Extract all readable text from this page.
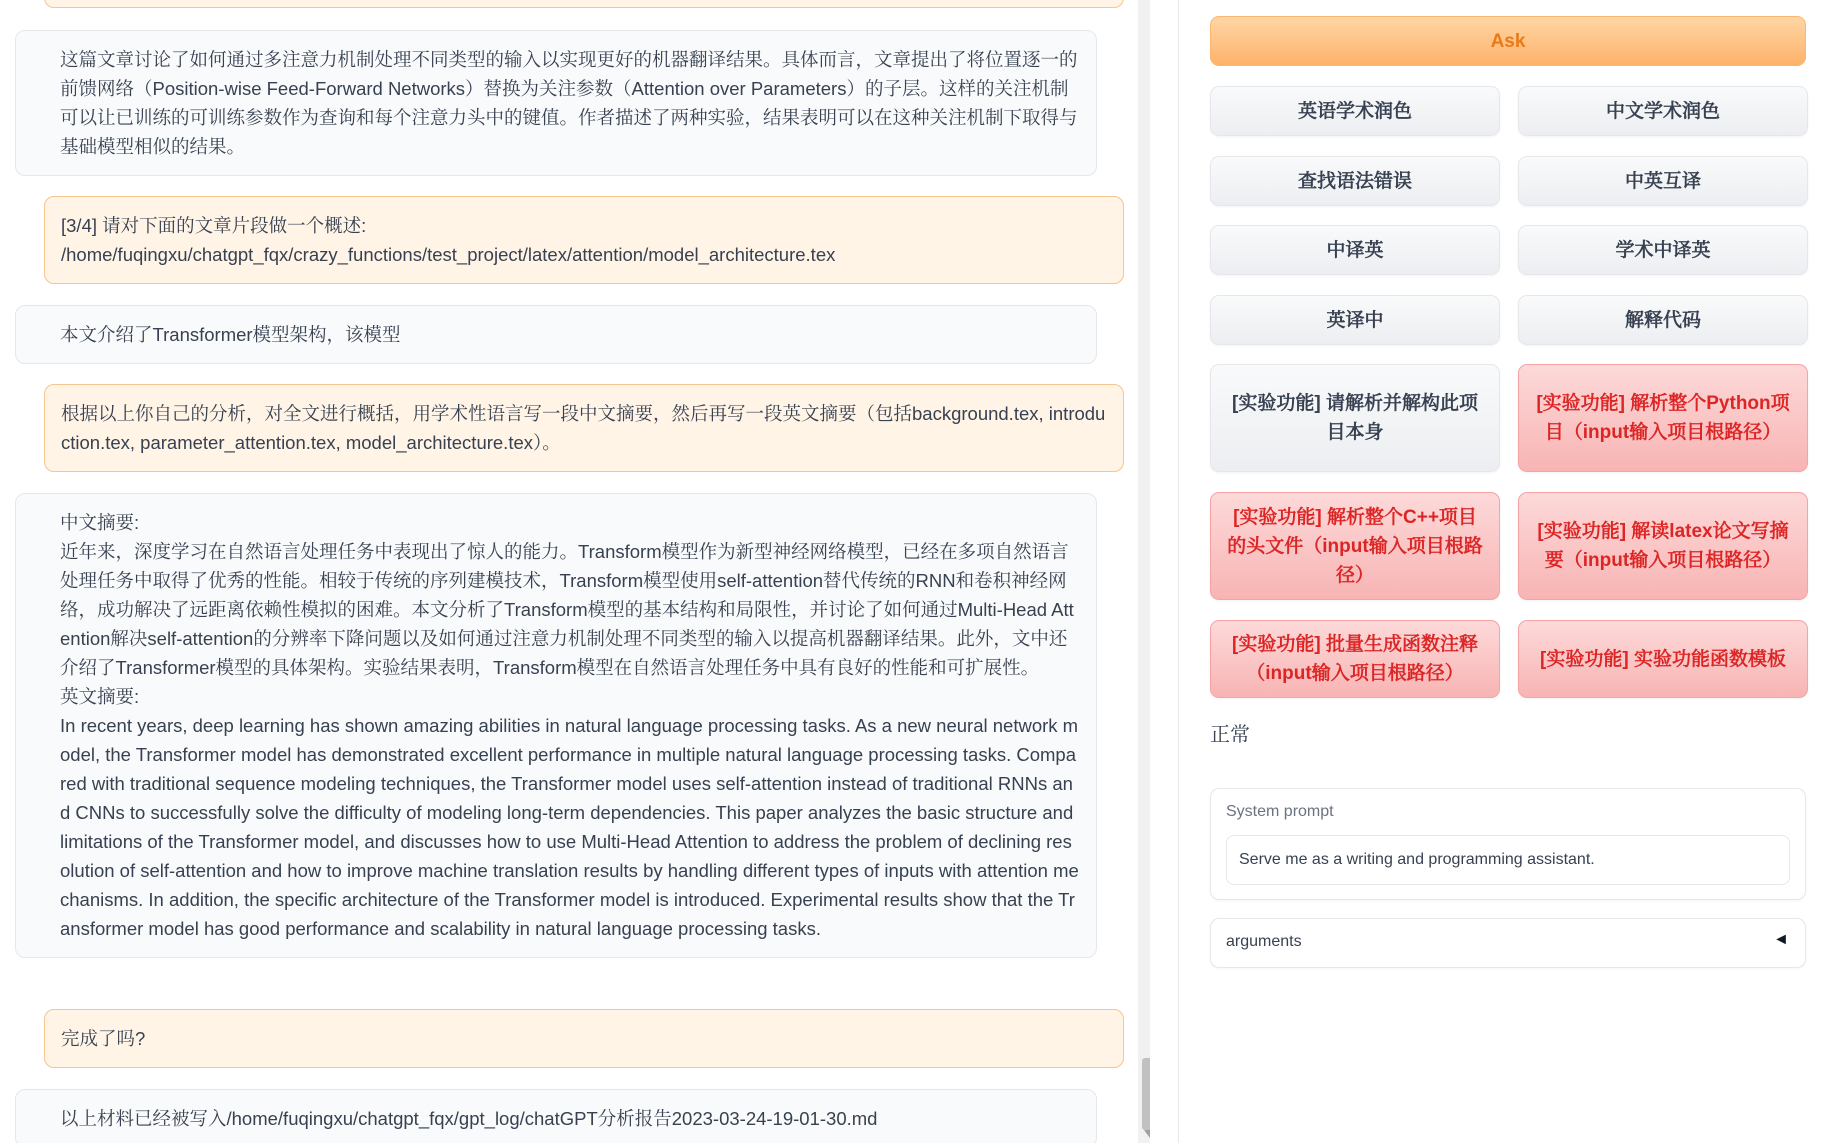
这篇文章讨论了如何通过多注意力机制处理不同类型的输入以实现更好的机器翻译结果。具体而言，文章提出了将位置逐一的前馈网络（Position-wise Feed-Forward Networks）替换为关注参数（Attention over Parameters）的子层。这样的关注机制可以让已训练的可训练参数作为查询和每个注意力头中的键值。作者描述了两种实验，结果表明可以在这种关注机制下取得与基础模型相似的结果。

[3/4] 请对下面的文章片段做一个概述:

/home/fuqingxu/chatgpt_fqx/crazy_functions/test_project/latex/attention/model_architecture.tex

本文介绍了Transformer模型架构，该模型

根据以上你自己的分析，对全文进行概括，用学术性语言写一段中文摘要，然后再写一段英文摘要（包括background.tex, introduction.tex, parameter_attention.tex, model_architecture.tex）。

中文摘要:

近年来，深度学习在自然语言处理任务中表现出了惊人的能力。Transform模型作为新型神经网络模型，已经在多项自然语言处理任务中取得了优秀的性能。相较于传统的序列建模技术，Transform模型使用self-attention替代传统的RNN和卷积神经网络，成功解决了远距离依赖性模拟的困难。本文分析了Transform模型的基本结构和局限性，并讨论了如何通过Multi-Head Attention解决self-attention的分辨率下降问题以及如何通过注意力机制处理不同类型的输入以提高机器翻译结果。此外，文中还介绍了Transformer模型的具体架构。实验结果表明，Transform模型在自然语言处理任务中具有良好的性能和可扩展性。

英文摘要:

In recent years, deep learning has shown amazing abilities in natural language processing tasks. As a new neural network model, the Transformer model has demonstrated excellent performance in multiple natural language processing tasks. Compared with traditional sequence modeling techniques, the Transformer model uses self-attention instead of traditional RNNs and CNNs to successfully solve the difficulty of modeling long-term dependencies. This paper analyzes the basic structure and limitations of the Transformer model, and discusses how to use Multi-Head Attention to address the problem of declining resolution of self-attention and how to improve machine translation results by handling different types of inputs with attention mechanisms. In addition, the specific architecture of the Transformer model is introduced. Experimental results show that the Transformer model has good performance and scalability in natural language processing tasks.

完成了吗?

以上材料已经被写入/home/fuqingxu/chatgpt_fqx/gpt_log/chatGPT分析报告2023-03-24-19-01-30.md

Ask
英语学术润色	中文学术润色
查找语法错误	中英互译
中译英	学术中译英
英译中	解释代码
[实验功能] 请解析并解构此项目本身
[实验功能] 解析整个Python项目（input输入项目根路径）
[实验功能] 解析整个C++项目的头文件（input输入项目根路径）
[实验功能] 解读latex论文写摘要（input输入项目根路径）
[实验功能] 批量生成函数注释（input输入项目根路径）
[实验功能] 实验功能函数模板
正常
System prompt
Serve me as a writing and programming assistant.
arguments	◄
